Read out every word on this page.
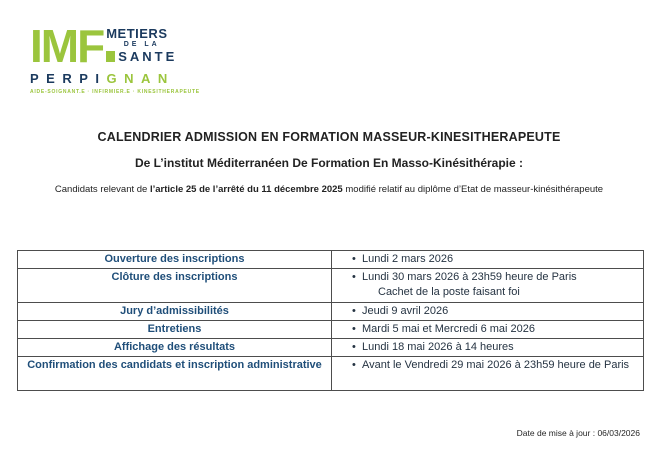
IMF METIERS
DE LA
SANTE
PERPIGNAN
AIDE-SOIGNANT.E · INFIRMIER.E · KINESITHERAPEUTE
CALENDRIER ADMISSION EN FORMATION MASSEUR-KINESITHERAPEUTE
De L’institut Méditerranéen De Formation En Masso-Kinésithérapie :
Candidats relevant de l’article 25 de l’arrêté du 11 décembre 2025 modifié relatif au diplôme d’Etat de masseur-kinésithérapeute
Ouverture des inscriptions	• Lundi 2 mars 2026

Clôture des inscriptions	• Lundi 30 mars 2026 à 23h59 heure de Paris
Cachet de la poste faisant foi

Jury d’admissibilités	• Jeudi 9 avril 2026

Entretiens	• Mardi 5 mai et Mercredi 6 mai 2026

Affichage des résultats	• Lundi 18 mai 2026 à 14 heures

Confirmation des candidats et inscription administrative	• Avant le Vendredi 29 mai 2026 à 23h59 heure de Paris
Date de mise à jour : 06/03/2026
